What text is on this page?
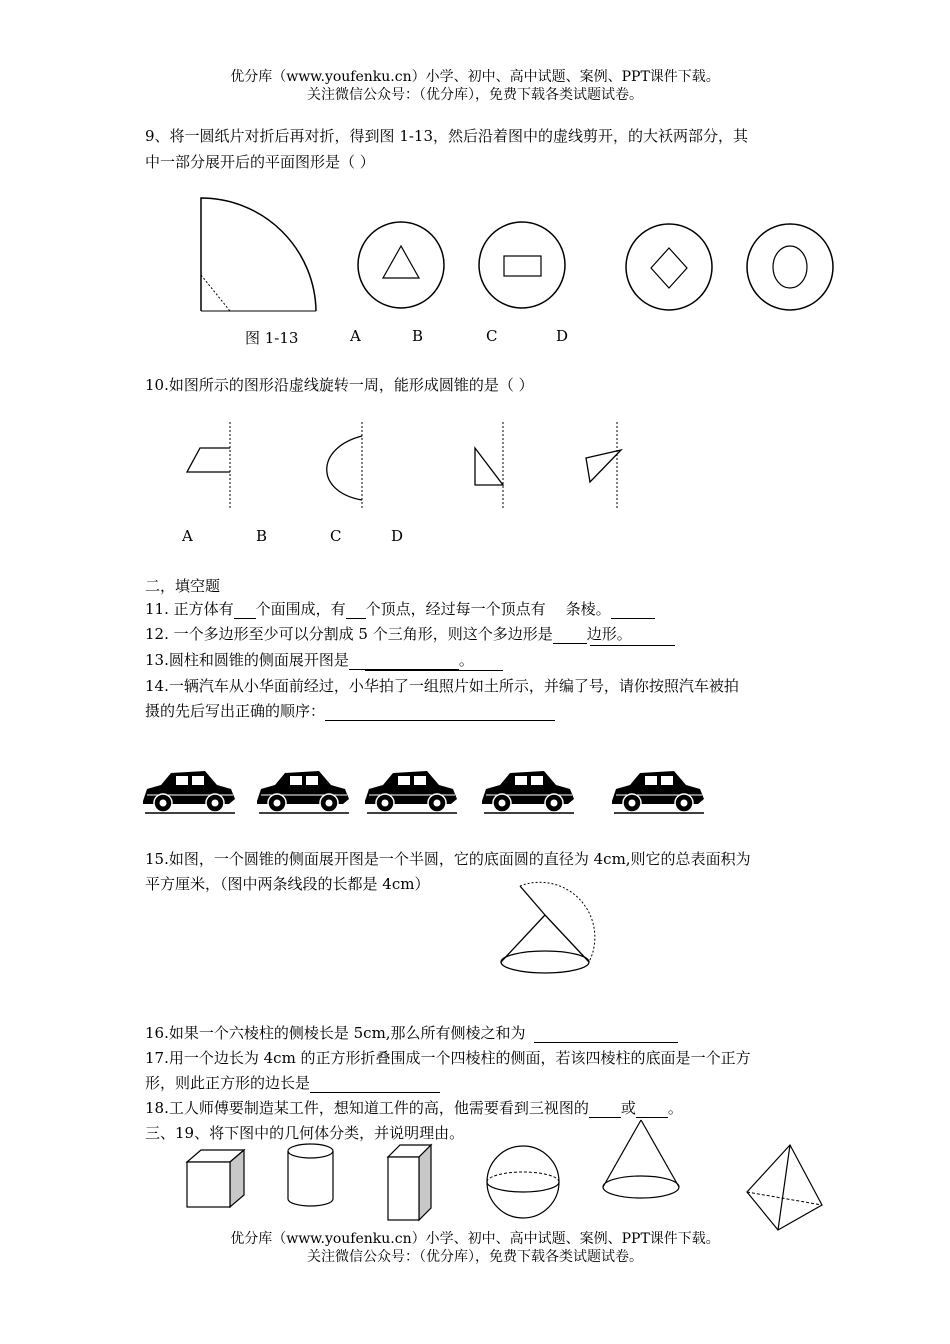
优分库（www.youfenku.cn）小学、初中、高中试题、案例、PPT课件下载。
关注微信公众号：（优分库），免费下载各类试题试卷。
9、将一圆纸片对折后再对折，得到图 1-13，然后沿着图中的虚线剪开，的大袄两部分，其
中一部分展开后的平面图形是（ ）
图 1-13	A	B	C	D
10.如图所示的图形沿虚线旋转一周，能形成圆锥的是（ ）
A	B	C	D
二，填空题
11. 正方体有 个面围成，有 个顶点，经过每一个顶点有 条棱。
12. 一个多边形至少可以分割成 5 个三角形，则这个多边形是 边形。
13.圆柱和圆锥的侧面展开图是	。
14.一辆汽车从小华面前经过，小华拍了一组照片如土所示，并编了号，请你按照汽车被拍
摄的先后写出正确的顺序：
15.如图，一个圆锥的侧面展开图是一个半圆，它的底面圆的直径为 4cm,则它的总表面积为
平方厘米，（图中两条线段的长都是 4cm）
16.如果一个六棱柱的侧棱长是 5cm,那么所有侧棱之和为
17.用一个边长为 4cm 的正方形折叠围成一个四棱柱的侧面，若该四棱柱的底面是一个正方
形，则此正方形的边长是
18.工人师傅要制造某工件，想知道工件的高，他需要看到三视图的 或 。
三、19、将下图中的几何体分类，并说明理由。
优分库（www.youfenku.cn）小学、初中、高中试题、案例、PPT课件下载。
关注微信公众号：（优分库），免费下载各类试题试卷。
